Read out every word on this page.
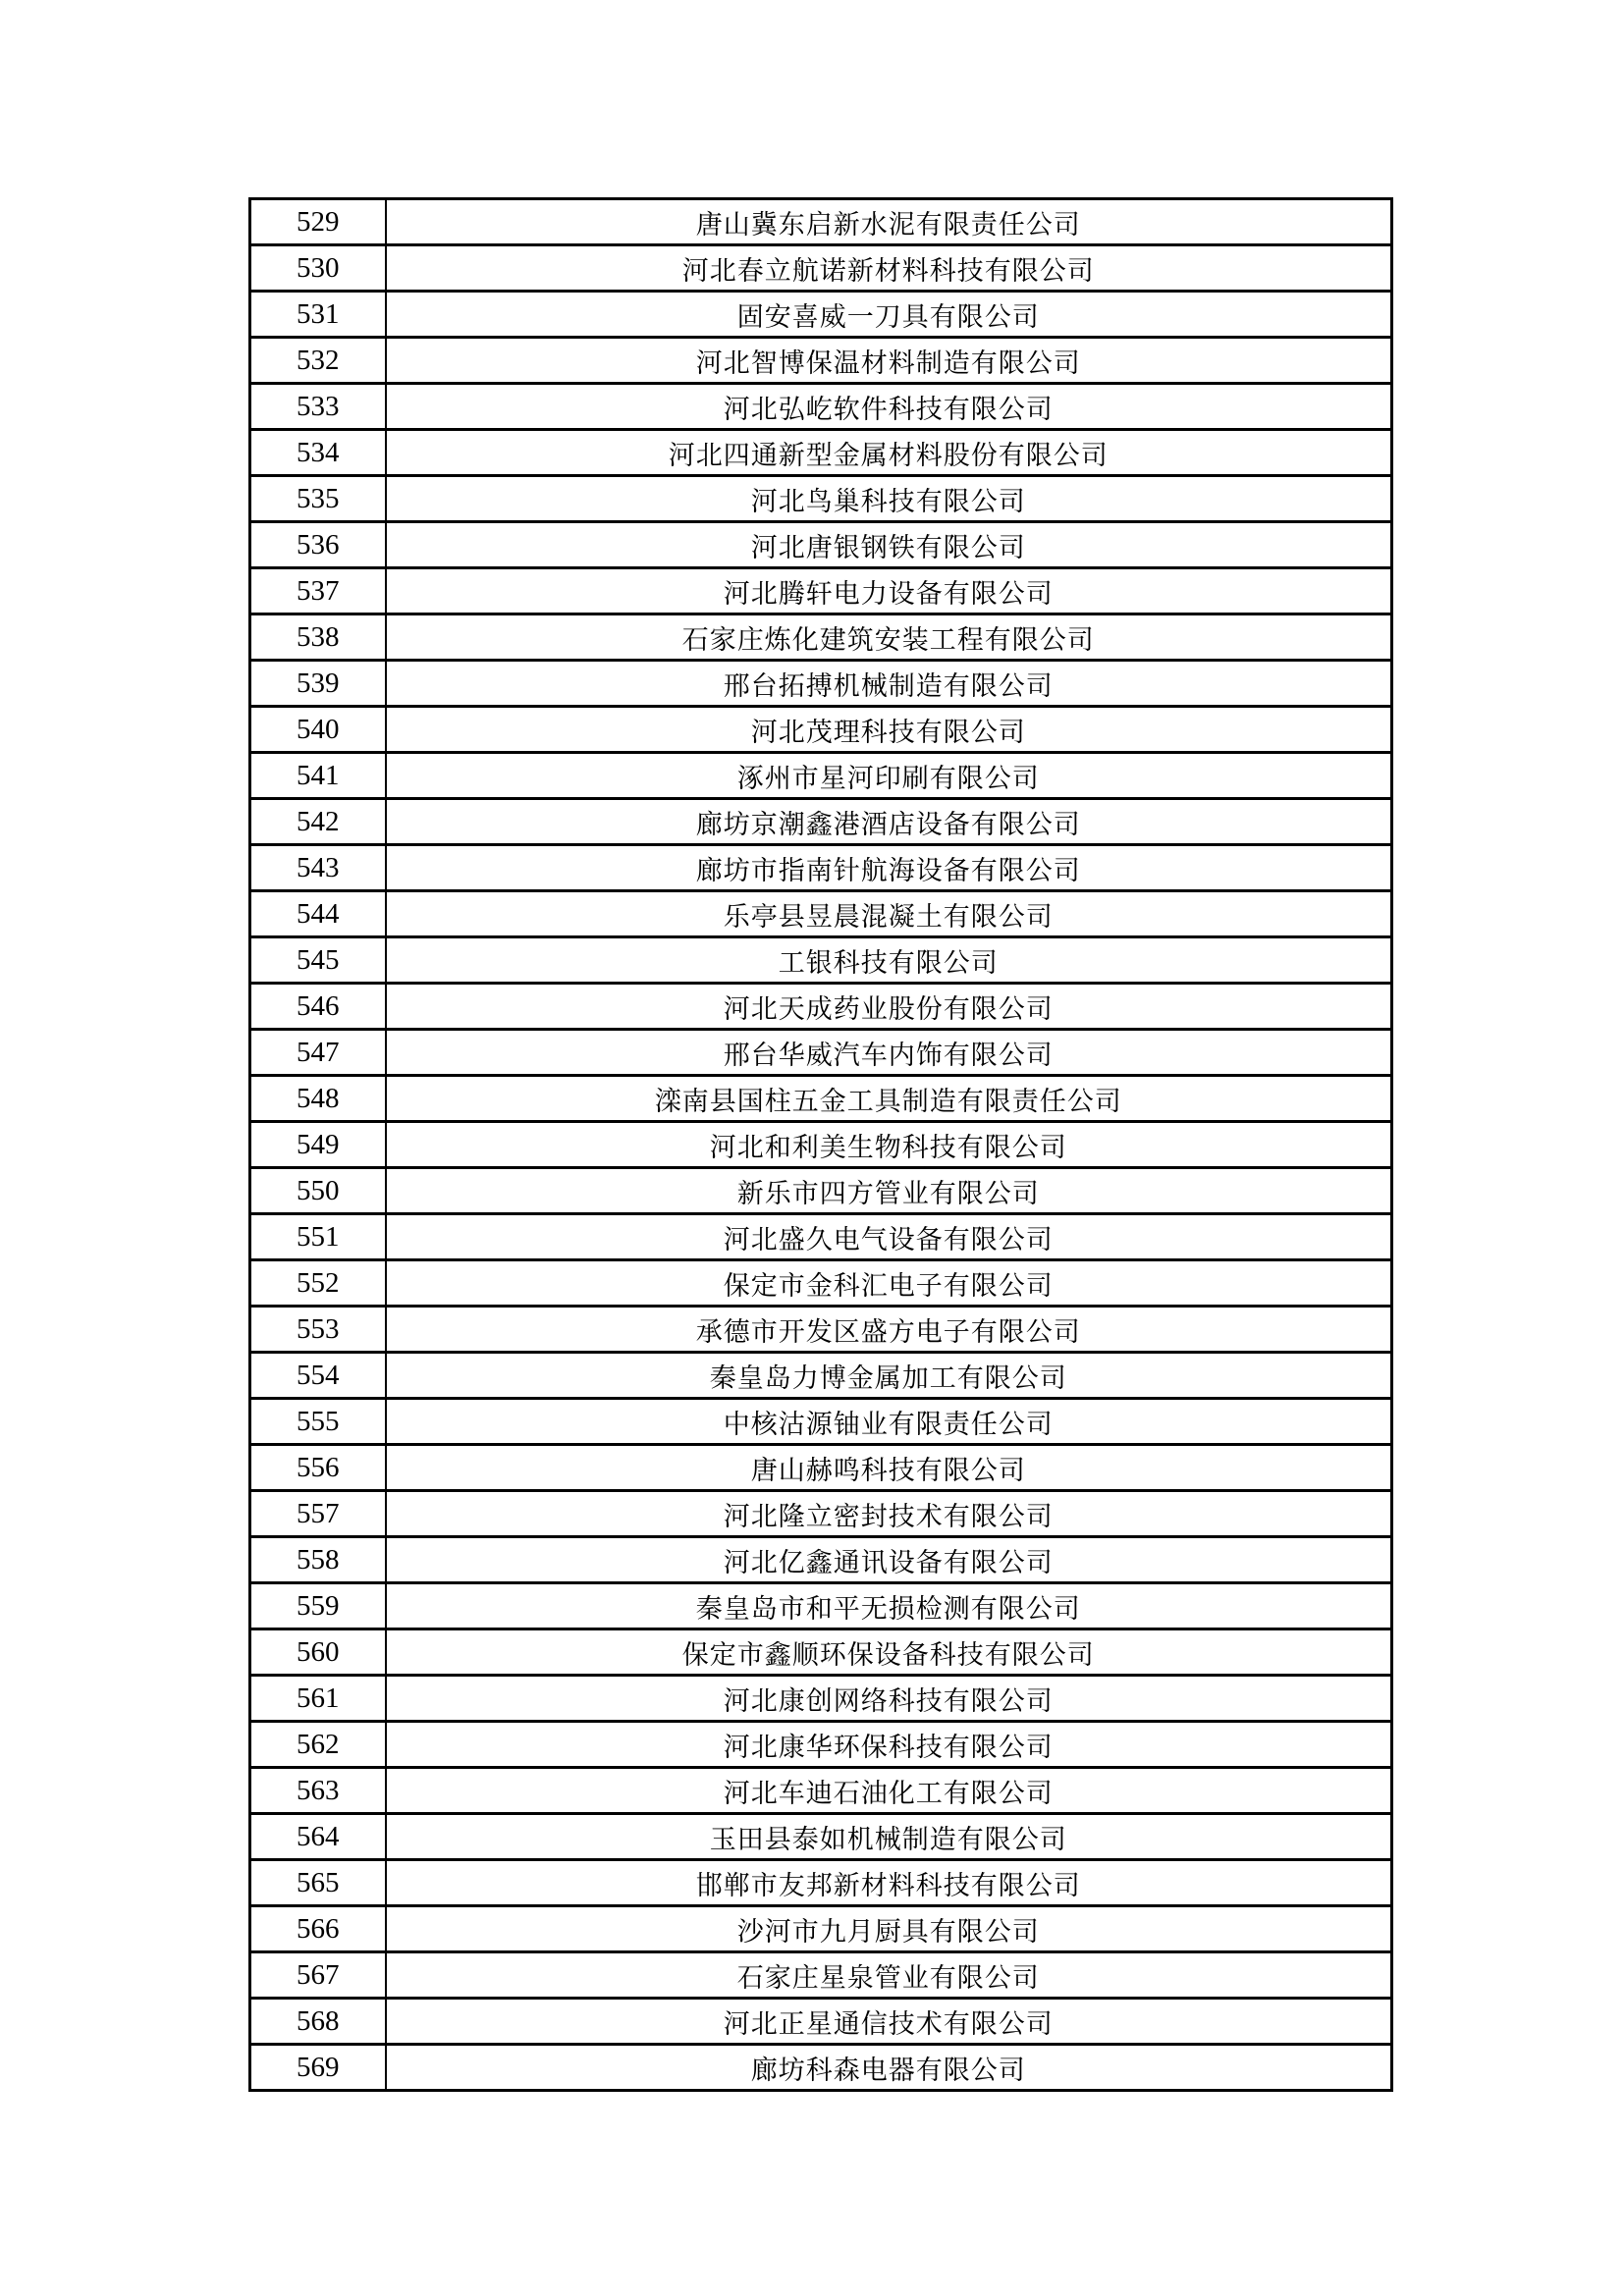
529	唐山冀东启新水泥有限责任公司
530	河北春立航诺新材料科技有限公司
531	固安喜威一刀具有限公司
532	河北智博保温材料制造有限公司
533	河北弘屹软件科技有限公司
534	河北四通新型金属材料股份有限公司
535	河北鸟巢科技有限公司
536	河北唐银钢铁有限公司
537	河北腾轩电力设备有限公司
538	石家庄炼化建筑安装工程有限公司
539	邢台拓搏机械制造有限公司
540	河北茂理科技有限公司
541	涿州市星河印刷有限公司
542	廊坊京潮鑫港酒店设备有限公司
543	廊坊市指南针航海设备有限公司
544	乐亭县昱晨混凝土有限公司
545	工银科技有限公司
546	河北天成药业股份有限公司
547	邢台华威汽车内饰有限公司
548	滦南县国柱五金工具制造有限责任公司
549	河北和利美生物科技有限公司
550	新乐市四方管业有限公司
551	河北盛久电气设备有限公司
552	保定市金科汇电子有限公司
553	承德市开发区盛方电子有限公司
554	秦皇岛力博金属加工有限公司
555	中核沽源铀业有限责任公司
556	唐山赫鸣科技有限公司
557	河北隆立密封技术有限公司
558	河北亿鑫通讯设备有限公司
559	秦皇岛市和平无损检测有限公司
560	保定市鑫顺环保设备科技有限公司
561	河北康创网络科技有限公司
562	河北康华环保科技有限公司
563	河北车迪石油化工有限公司
564	玉田县泰如机械制造有限公司
565	邯郸市友邦新材料科技有限公司
566	沙河市九月厨具有限公司
567	石家庄星泉管业有限公司
568	河北正星通信技术有限公司
569	廊坊科森电器有限公司
